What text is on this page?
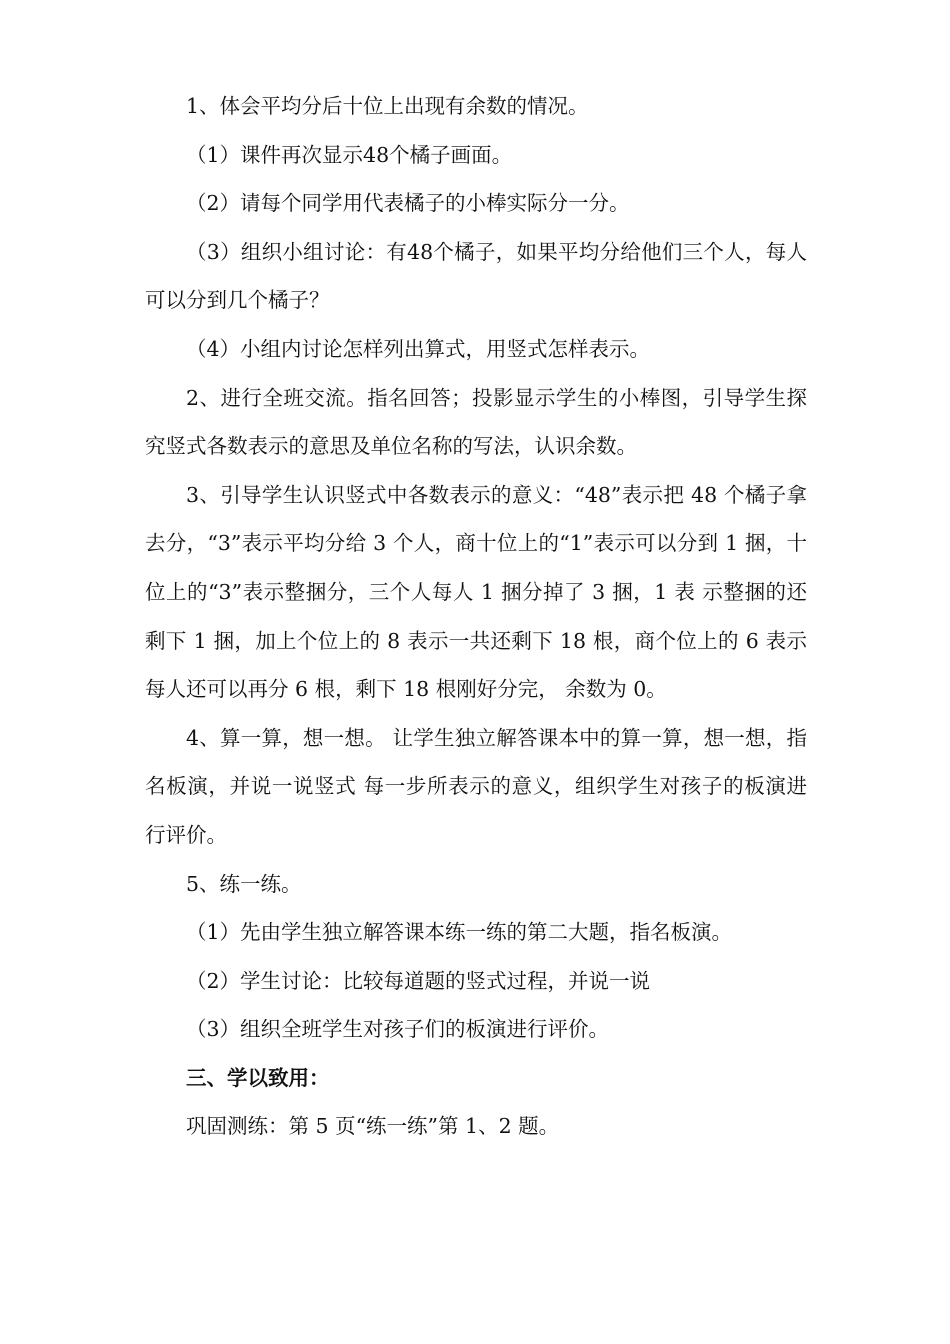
1、体会平均分后十位上出现有余数的情况。

（1）课件再次显示48个橘子画面。

（2）请每个同学用代表橘子的小棒实际分一分。

（3）组织小组讨论：有48个橘子，如果平均分给他们三个人，每人可以分到几个橘子？

（4）小组内讨论怎样列出算式，用竖式怎样表示。

2、进行全班交流。指名回答；投影显示学生的小棒图，引导学生探究竖式各数表示的意思及单位名称的写法，认识余数。

3、引导学生认识竖式中各数表示的意义：“48”表示把 48 个橘子拿去分，“3”表示平均分给 3 个人，商十位上的“1”表示可以分到 1 捆，十位上的“3”表示整捆分，三个人每人 1 捆分掉了 3 捆，1 表 示整捆的还剩下 1 捆，加上个位上的 8 表示一共还剩下 18 根，商个位上的 6 表示每人还可以再分 6 根，剩下 18 根刚好分完， 余数为 0。

4、算一算，想一想。 让学生独立解答课本中的算一算，想一想，指名板演，并说一说竖式 每一步所表示的意义，组织学生对孩子的板演进行评价。

5、练一练。

（1）先由学生独立解答课本练一练的第二大题，指名板演。

（2）学生讨论：比较每道题的竖式过程，并说一说

（3）组织全班学生对孩子们的板演进行评价。

三、学以致用：

巩固测练：第 5 页“练一练”第 1、2 题。
